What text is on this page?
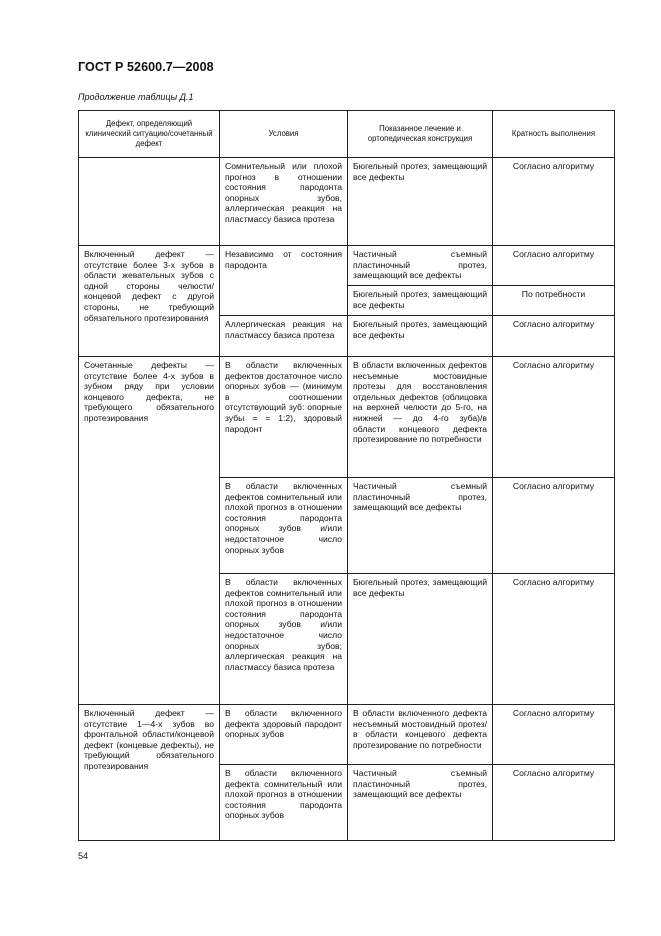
ГОСТ Р 52600.7—2008
Продолжение таблицы Д.1
Дефект, определяющий клинический ситуацию/сочетанный дефект	Условия	Показанное лечение и ортопедическая конструкция	Кратность выполнения
	Сомнительный или плохой прогноз в отношении состояния пародонта опорных зубов, аллергическая реакция на пластмассу базиса протеза	Бюгельный протез, замещающий все дефекты	Согласно алгоритму
Включенный дефект — отсутствие более 3-х зубов в области жевательных зубов с одной стороны челюсти/концевой дефект с другой стороны, не требующий обязательного протезирования	Независимо от состояния пародонта	Частичный съемный пластиночный протез, замещающий все дефекты	Согласно алгоритму
		Бюгельный протез, замещающий все дефекты	По потребности
	Аллергическая реакция на пластмассу базиса протеза	Бюгельный протез, замещающий все дефекты	Согласно алгоритму
Сочетанные дефекты — отсутствие более 4-х зубов в зубном ряду при условии концевого дефекта, не требующего обязательного протезирования	В области включенных дефектов достаточное число опорных зубов — (минимум в соотношении отсутствующий зуб: опорные зубы = = 1:2), здоровый пародонт	В области включенных дефектов несъемные мостовидные протезы для восстановления отдельных дефектов (облицовка на верхней челюсти до 5-го, на нижней — до 4-го зуба)/в области концевого дефекта протезирование по потребности	Согласно алгоритму
	В области включенных дефектов сомнительный или плохой прогноз в отношении состояния пародонта опорных зубов и/или недостаточное число опорных зубов	Частичный съемный пластиночный протез, замещающий все дефекты	Согласно алгоритму
	В области включенных дефектов сомнительный или плохой прогноз в отношении состояния пародонта опорных зубов и/или недостаточное число опорных зубов; аллергическая реакция на пластмассу базиса протеза	Бюгельный протез, замещающий все дефекты	Согласно алгоритму
Включенный дефект — отсутствие 1—4-х зубов во фронтальной области/концевой дефект (концевые дефекты), не требующий обязательного протезирования	В области включенного дефекта здоровый пародонт опорных зубов	В области включенного дефекта несъемный мостовидный протез/в области концевого дефекта протезирование по потребности	Согласно алгоритму
	В области включенного дефекта сомнительный или плохой прогноз в отношении состояния пародонта опорных зубов	Частичный съемный пластиночный протез, замещающий все дефекты	Согласно алгоритму
54
